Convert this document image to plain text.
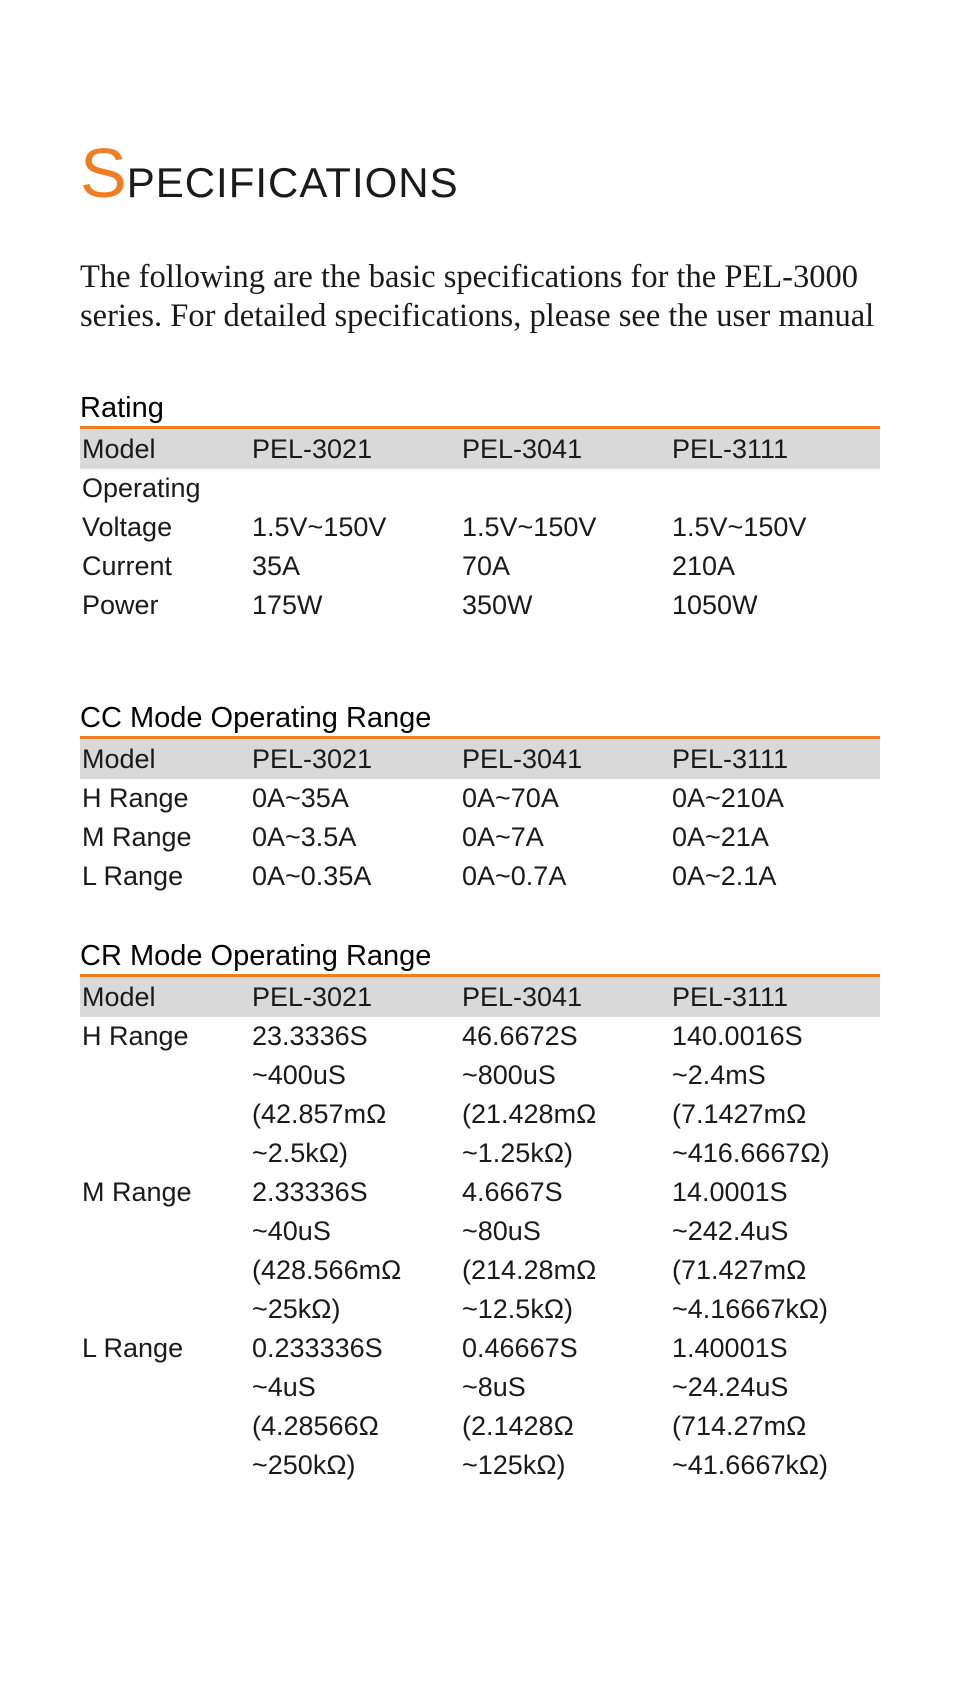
SPECIFICATIONS

The following are the basic specifications for the PEL-3000 series. For detailed specifications, please see the user manual

Rating
Model	PEL-3021	PEL-3041	PEL-3111
Operating			
Voltage	1.5V~150V	1.5V~150V	1.5V~150V
Current	35A	70A	210A
Power	175W	350W	1050W
CC Mode Operating Range
Model	PEL-3021	PEL-3041	PEL-3111
H Range	0A~35A	0A~70A	0A~210A
M Range	0A~3.5A	0A~7A	0A~21A
L Range	0A~0.35A	0A~0.7A	0A~2.1A
CR Mode Operating Range
Model	PEL-3021	PEL-3041	PEL-3111
H Range	23.3336S
~400uS
(42.857mΩ
~2.5kΩ)	46.6672S
~800uS
(21.428mΩ
~1.25kΩ)	140.0016S
~2.4mS
(7.1427mΩ
~416.6667Ω)
M Range	2.33336S
~40uS
(428.566mΩ
~25kΩ)	4.6667S
~80uS
(214.28mΩ
~12.5kΩ)	14.0001S
~242.4uS
(71.427mΩ
~4.16667kΩ)
L Range	0.233336S
~4uS
(4.28566Ω
~250kΩ)	0.46667S
~8uS
(2.1428Ω
~125kΩ)	1.40001S
~24.24uS
(714.27mΩ
~41.6667kΩ)
